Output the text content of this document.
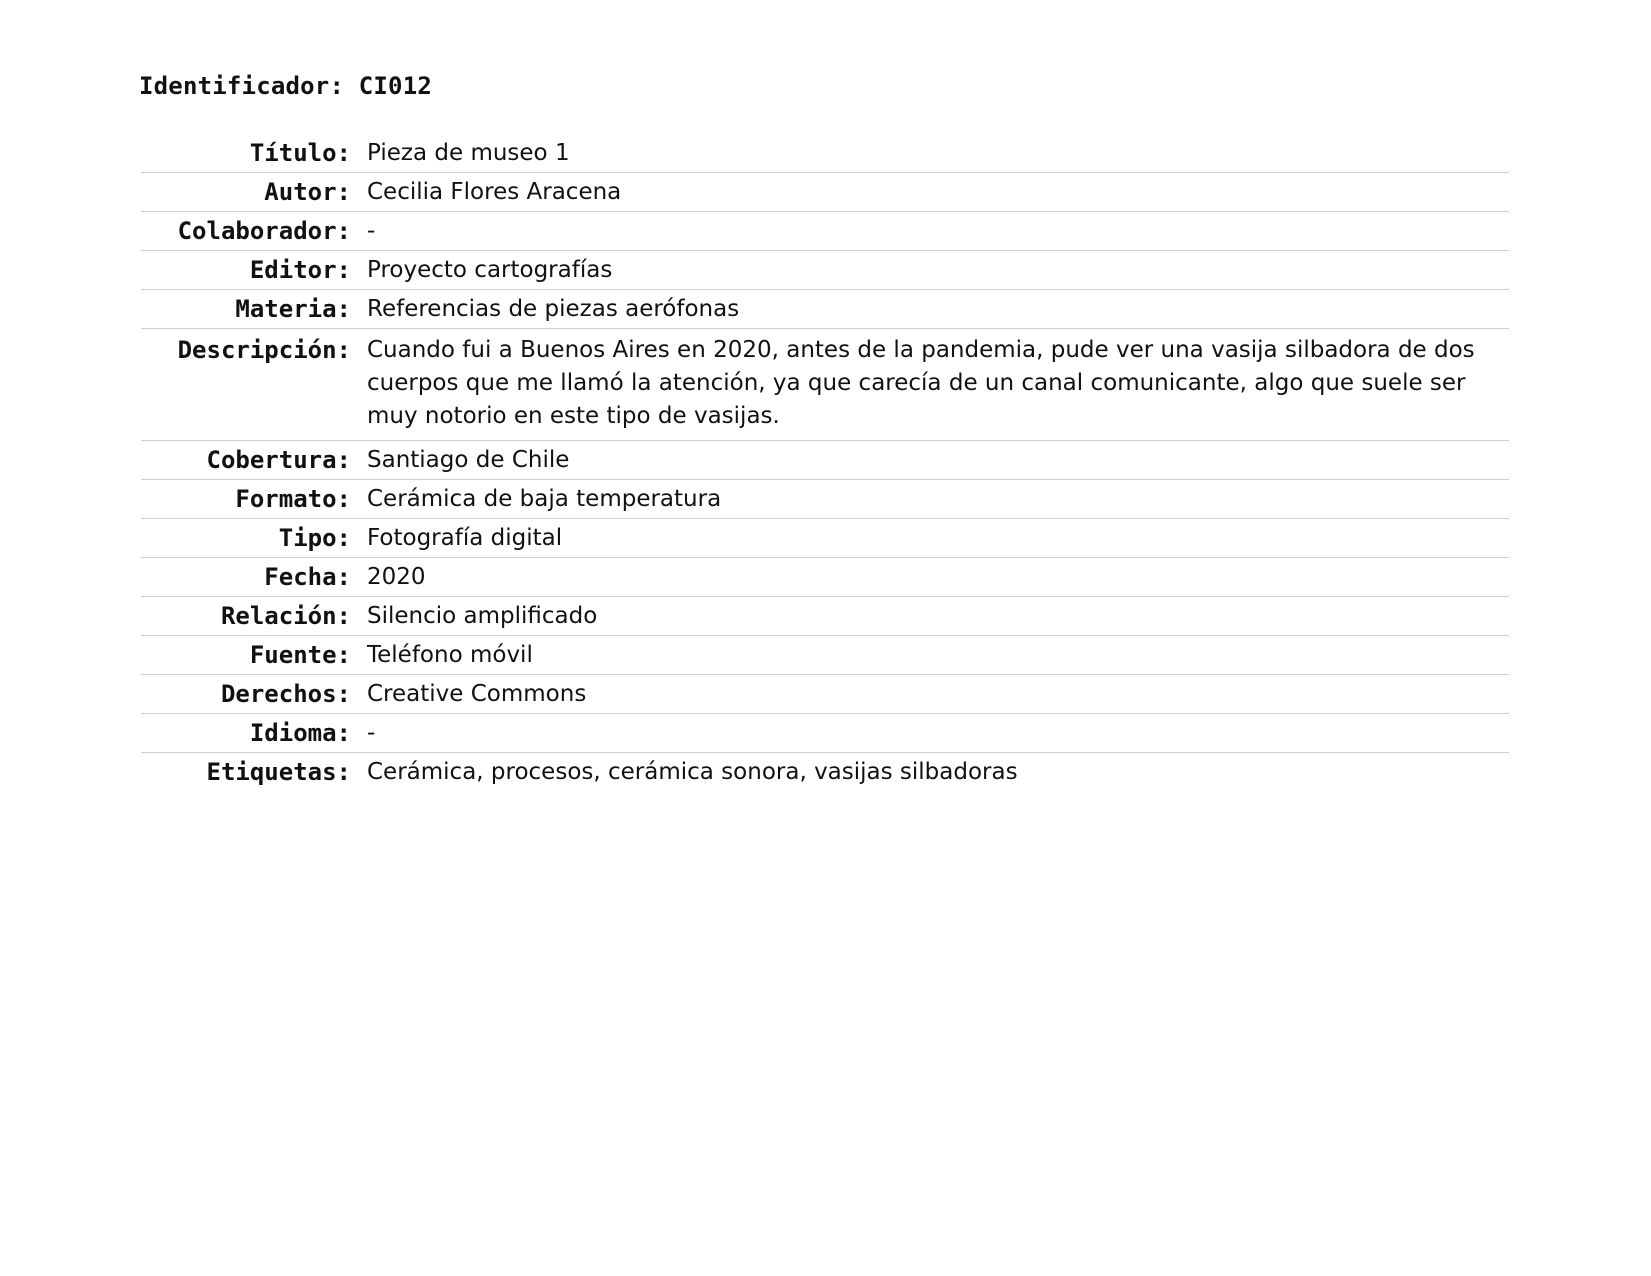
Identificador: CI012
Título:	Pieza de museo 1
Autor:	Cecilia Flores Aracena
Colaborador:	-
Editor:	Proyecto cartografías
Materia:	Referencias de piezas aerófonas
Descripción:	Cuando fui a Buenos Aires en 2020, antes de la pandemia, pude ver una vasija silbadora de dos cuerpos que me llamó la atención, ya que carecía de un canal comunicante, algo que suele ser muy notorio en este tipo de vasijas.
Cobertura:	Santiago de Chile
Formato:	Cerámica de baja temperatura
Tipo:	Fotografía digital
Fecha:	2020
Relación:	Silencio amplificado
Fuente:	Teléfono móvil
Derechos:	Creative Commons
Idioma:	-
Etiquetas:	Cerámica, procesos, cerámica sonora, vasijas silbadoras
